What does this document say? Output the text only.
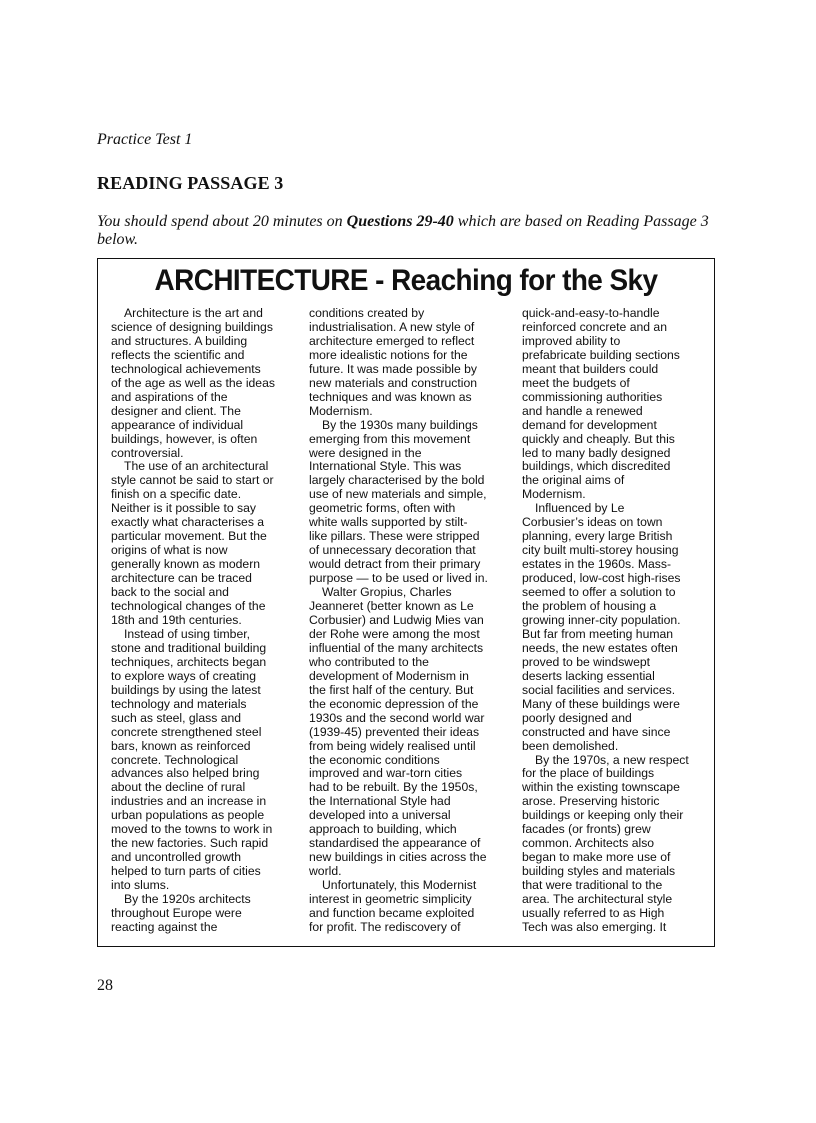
Practice Test 1
READING PASSAGE 3
You should spend about 20 minutes on Questions 29-40 which are based on Reading Passage 3 below.
ARCHITECTURE - Reaching for the Sky
Architecture is the art and
science of designing buildings
and structures. A building
reflects the scientific and
technological achievements
of the age as well as the ideas
and aspirations of the
designer and client. The
appearance of individual
buildings, however, is often
controversial.
The use of an architectural
style cannot be said to start or
finish on a specific date.
Neither is it possible to say
exactly what characterises a
particular movement. But the
origins of what is now
generally known as modern
architecture can be traced
back to the social and
technological changes of the
18th and 19th centuries.
Instead of using timber,
stone and traditional building
techniques, architects began
to explore ways of creating
buildings by using the latest
technology and materials
such as steel, glass and
concrete strengthened steel
bars, known as reinforced
concrete. Technological
advances also helped bring
about the decline of rural
industries and an increase in
urban populations as people
moved to the towns to work in
the new factories. Such rapid
and uncontrolled growth
helped to turn parts of cities
into slums.
By the 1920s architects
throughout Europe were
reacting against the
conditions created by
industrialisation. A new style of
architecture emerged to reflect
more idealistic notions for the
future. It was made possible by
new materials and construction
techniques and was known as
Modernism.
By the 1930s many buildings
emerging from this movement
were designed in the
International Style. This was
largely characterised by the bold
use of new materials and simple,
geometric forms, often with
white walls supported by stilt-
like pillars. These were stripped
of unnecessary decoration that
would detract from their primary
purpose — to be used or lived in.
Walter Gropius, Charles
Jeanneret (better known as Le
Corbusier) and Ludwig Mies van
der Rohe were among the most
influential of the many architects
who contributed to the
development of Modernism in
the first half of the century. But
the economic depression of the
1930s and the second world war
(1939-45) prevented their ideas
from being widely realised until
the economic conditions
improved and war-torn cities
had to be rebuilt. By the 1950s,
the International Style had
developed into a universal
approach to building, which
standardised the appearance of
new buildings in cities across the
world.
Unfortunately, this Modernist
interest in geometric simplicity
and function became exploited
for profit. The rediscovery of
quick-and-easy-to-handle
reinforced concrete and an
improved ability to
prefabricate building sections
meant that builders could
meet the budgets of
commissioning authorities
and handle a renewed
demand for development
quickly and cheaply. But this
led to many badly designed
buildings, which discredited
the original aims of
Modernism.
Influenced by Le
Corbusier’s ideas on town
planning, every large British
city built multi-storey housing
estates in the 1960s. Mass-
produced, low-cost high-rises
seemed to offer a solution to
the problem of housing a
growing inner-city population.
But far from meeting human
needs, the new estates often
proved to be windswept
deserts lacking essential
social facilities and services.
Many of these buildings were
poorly designed and
constructed and have since
been demolished.
By the 1970s, a new respect
for the place of buildings
within the existing townscape
arose. Preserving historic
buildings or keeping only their
facades (or fronts) grew
common. Architects also
began to make more use of
building styles and materials
that were traditional to the
area. The architectural style
usually referred to as High
Tech was also emerging. It
28
